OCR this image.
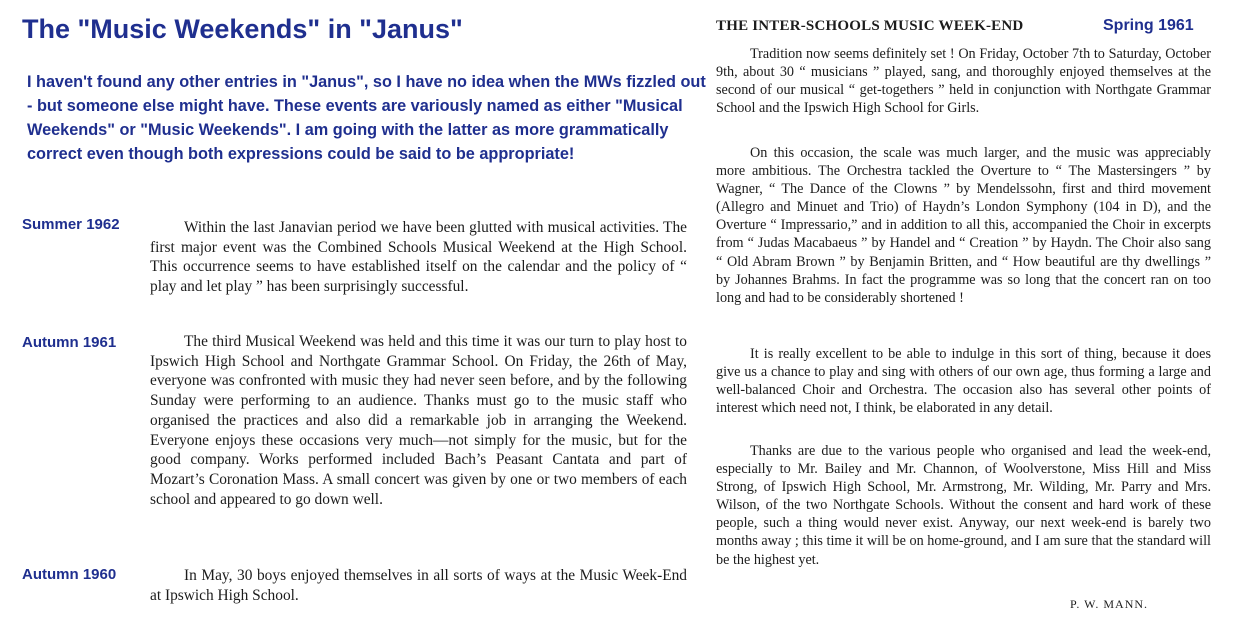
The "Music Weekends" in "Janus"

I haven't found any other entries in "Janus", so I have no idea when the MWs fizzled out - but someone else might have. These events are variously named as either "Musical Weekends" or "Music Weekends". I am going with the latter as more grammatically correct even though both expressions could be said to be appropriate!

Summer 1962	Within the last Janavian period we have been glutted with musical activities. The first major event was the Combined Schools Musical Weekend at the High School. This occurrence seems to have established itself on the calendar and the policy of “ play and let play ” has been surprisingly successful.

Autumn 1961	The third Musical Weekend was held and this time it was our turn to play host to Ipswich High School and Northgate Grammar School. On Friday, the 26th of May, everyone was confronted with music they had never seen before, and by the following Sunday were performing to an audience. Thanks must go to the music staff who organised the practices and also did a remarkable job in arranging the Weekend. Everyone enjoys these occasions very much—not simply for the music, but for the good company. Works performed included Bach’s Peasant Cantata and part of Mozart’s Coronation Mass. A small concert was given by one or two members of each school and appeared to go down well.

Autumn 1960	In May, 30 boys enjoyed themselves in all sorts of ways at the Music Week-End at Ipswich High School.

THE INTER-SCHOOLS MUSIC WEEK-END	Spring 1961

Tradition now seems definitely set ! On Friday, October 7th to Saturday, October 9th, about 30 “ musicians ” played, sang, and thoroughly enjoyed themselves at the second of our musical “ get-togethers ” held in conjunction with Northgate Grammar School and the Ipswich High School for Girls.

On this occasion, the scale was much larger, and the music was appreciably more ambitious. The Orchestra tackled the Overture to “ The Mastersingers ” by Wagner, “ The Dance of the Clowns ” by Mendelssohn, first and third movement (Allegro and Minuet and Trio) of Haydn’s London Symphony (104 in D), and the Overture “ Impressario,” and in addition to all this, accompanied the Choir in excerpts from “ Judas Macabaeus ” by Handel and “ Creation ” by Haydn. The Choir also sang “ Old Abram Brown ” by Benjamin Britten, and “ How beautiful are thy dwellings ” by Johannes Brahms. In fact the programme was so long that the concert ran on too long and had to be considerably shortened !

It is really excellent to be able to indulge in this sort of thing, because it does give us a chance to play and sing with others of our own age, thus forming a large and well-balanced Choir and Orchestra. The occasion also has several other points of interest which need not, I think, be elaborated in any detail.

Thanks are due to the various people who organised and lead the week-end, especially to Mr. Bailey and Mr. Channon, of Woolverstone, Miss Hill and Miss Strong, of Ipswich High School, Mr. Armstrong, Mr. Wilding, Mr. Parry and Mrs. Wilson, of the two Northgate Schools. Without the consent and hard work of these people, such a thing would never exist. Anyway, our next week-end is barely two months away ; this time it will be on home-ground, and I am sure that the standard will be the highest yet.

P. W. MANN.
